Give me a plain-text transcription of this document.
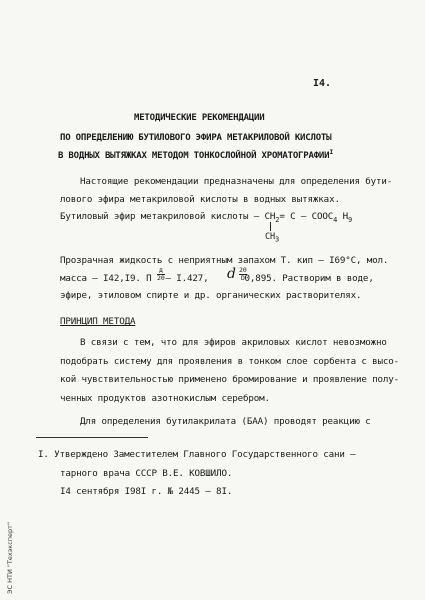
I4.
МЕТОДИЧЕСКИЕ РЕКОМЕНДАЦИИ
ПО ОПРЕДЕЛЕНИЮ БУТИЛОВОГО ЭФИРА МЕТАКРИЛОВОЙ КИСЛОТЫ
В ВОДНЫХ ВЫТЯЖКАХ МЕТОДОМ ТОНКОСЛОЙНОЙ $ХРОМАТОГРАФИИ^I$
Настоящие рекомендации предназначены для определения бути-
лового эфира метакриловой кислоты в водных вытяжках.
Бутиловый эфир метакриловой кислоты – $CH_2= C$ – $COOC_4$ $H_9$
$CH_3$
Прозрачная жидкость с неприятным запахом Т. кип – I69°С, мол.
масса – I42,I9. П – I.427,	0,895. Растворим в воде,
д
20	d $\frac{20}{D}$
эфире, этиловом спирте и др. органических растворителях.
ПРИНЦИП МЕТОДА
В связи с тем, что для эфиров акриловых кислот невозможно
подобрать систему для проявления в тонком слое сорбента с высо-
кой чувствительностью применено бромирование и проявление полу-
ченных продуктов азотнокислым серебром.
Для определения бутилакрилата (БАА) проводят реакцию с
I. Утверждено Заместителем Главного Государственного сани –
тарного врача СССР В.Е. КОВШИЛО.
I4 сентября I98I г. № 2445 – 8I.
ЭС НТИ "Техэксперт"
